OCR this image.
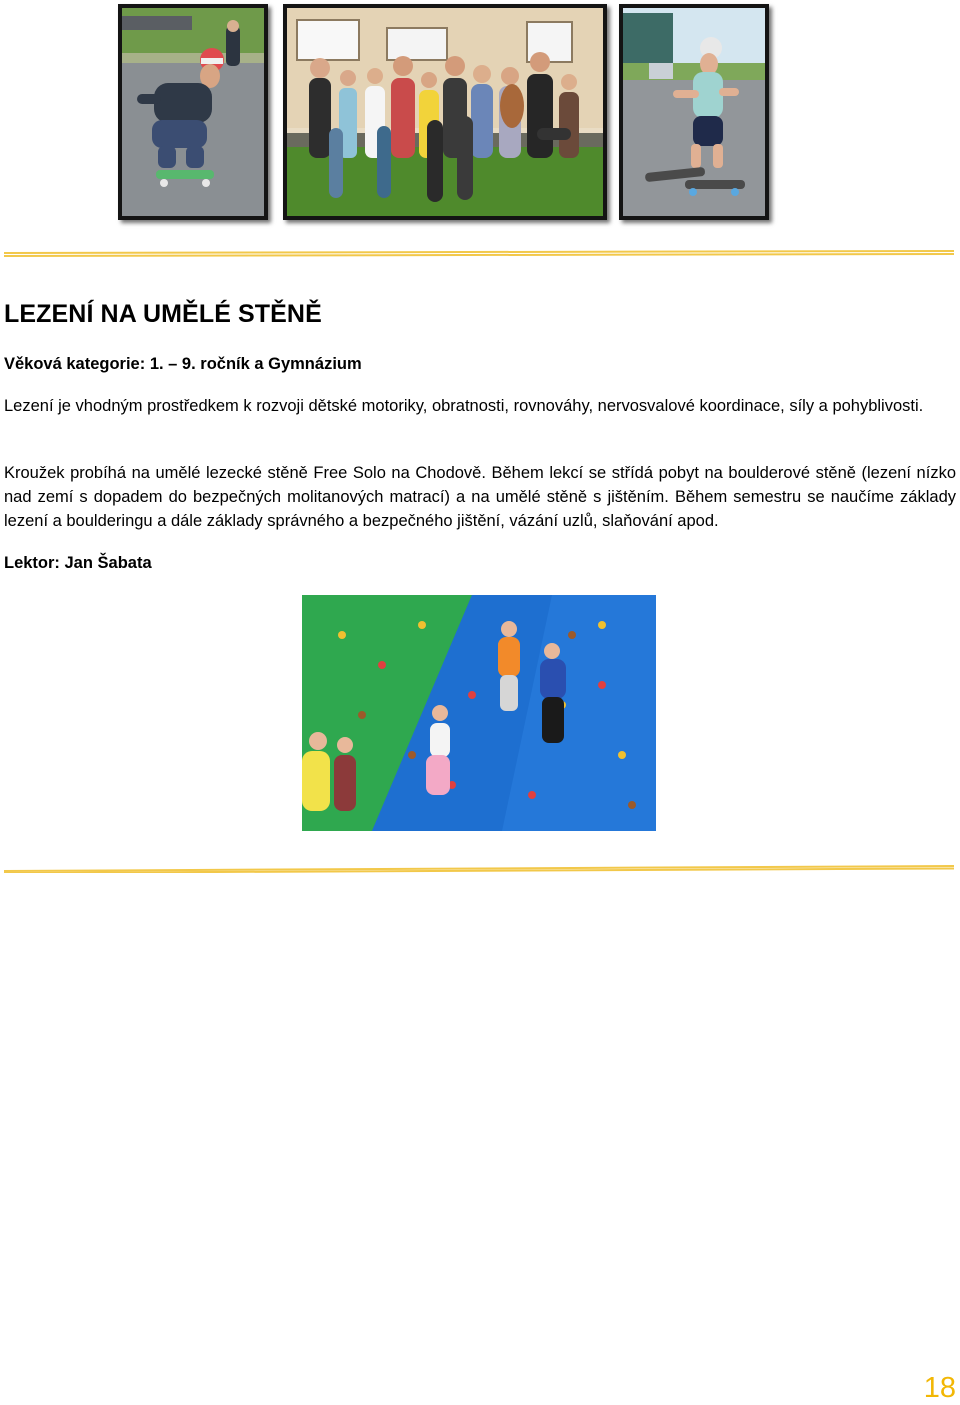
LEZENÍ NA UMĚLÉ STĚNĚ

Věková kategorie: 1. – 9. ročník a Gymnázium

Lezení je vhodným prostředkem k rozvoji dětské motoriky, obratnosti, rovnováhy, nervosvalové koordinace, síly a pohyblivosti.

Kroužek probíhá na umělé lezecké stěně Free Solo na Chodově. Během lekcí se střídá pobyt na boulderové stěně (lezení nízko nad zemí s dopadem do bezpečných molitanových matrací) a na umělé stěně s jištěním. Během semestru se naučíme základy lezení a boulderingu a dále základy správného a bezpečného jištění, vázání uzlů, slaňování apod.

Lektor: Jan Šabata

18
